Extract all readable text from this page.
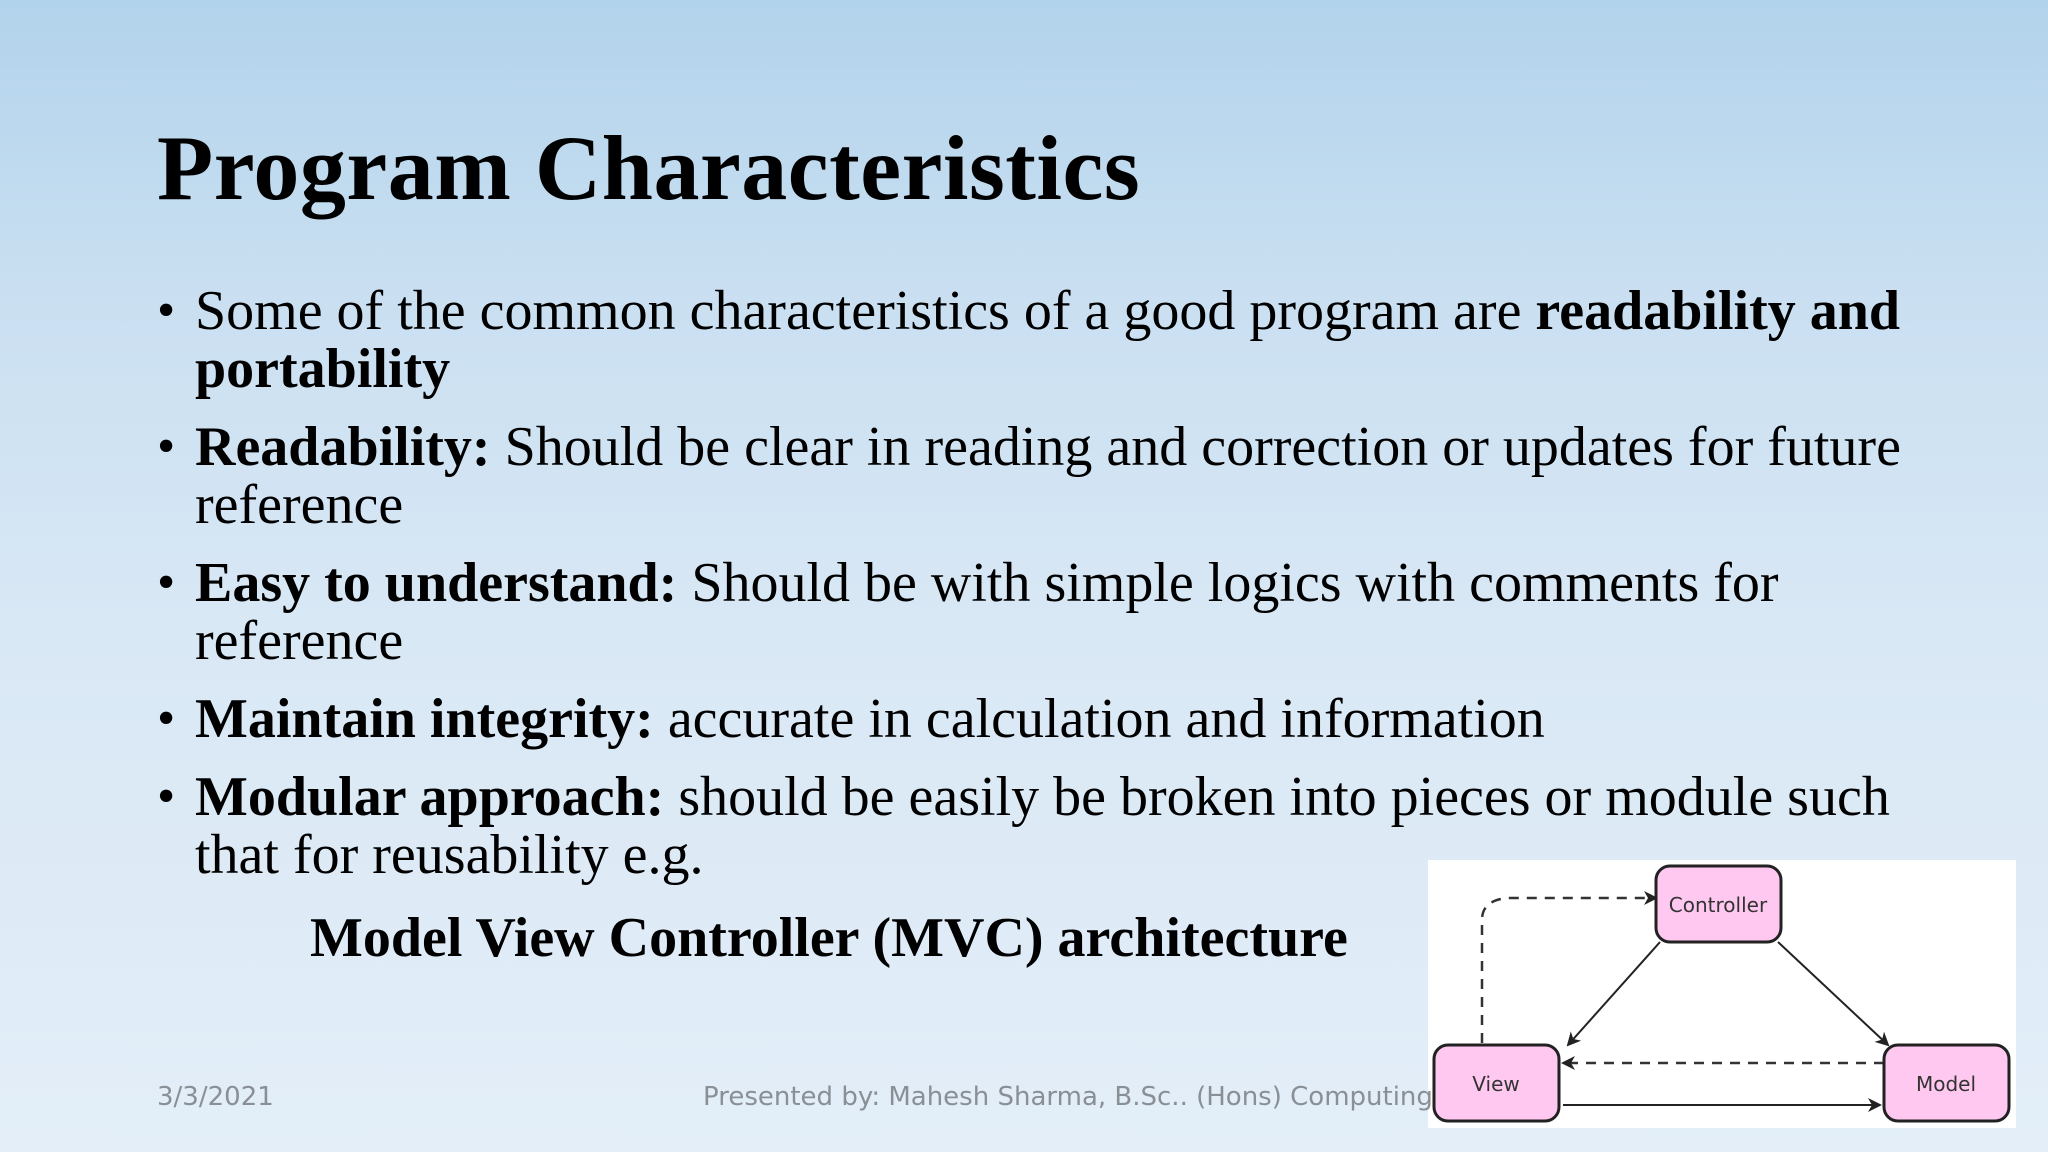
Program Characteristics
• Some of the common characteristics of a good program are readability and portability
• Readability: Should be clear in reading and correction or updates for future reference
• Easy to understand: Should be with simple logics with comments for reference
• Maintain integrity: accurate in calculation and information
• Modular approach: should be easily be broken into pieces or module such that for reusability e.g.
Model View Controller (MVC) architecture
Controller
View	Model
3/3/2021	Presented by: Mahesh Sharma, B.Sc.. (Hons) Computing
